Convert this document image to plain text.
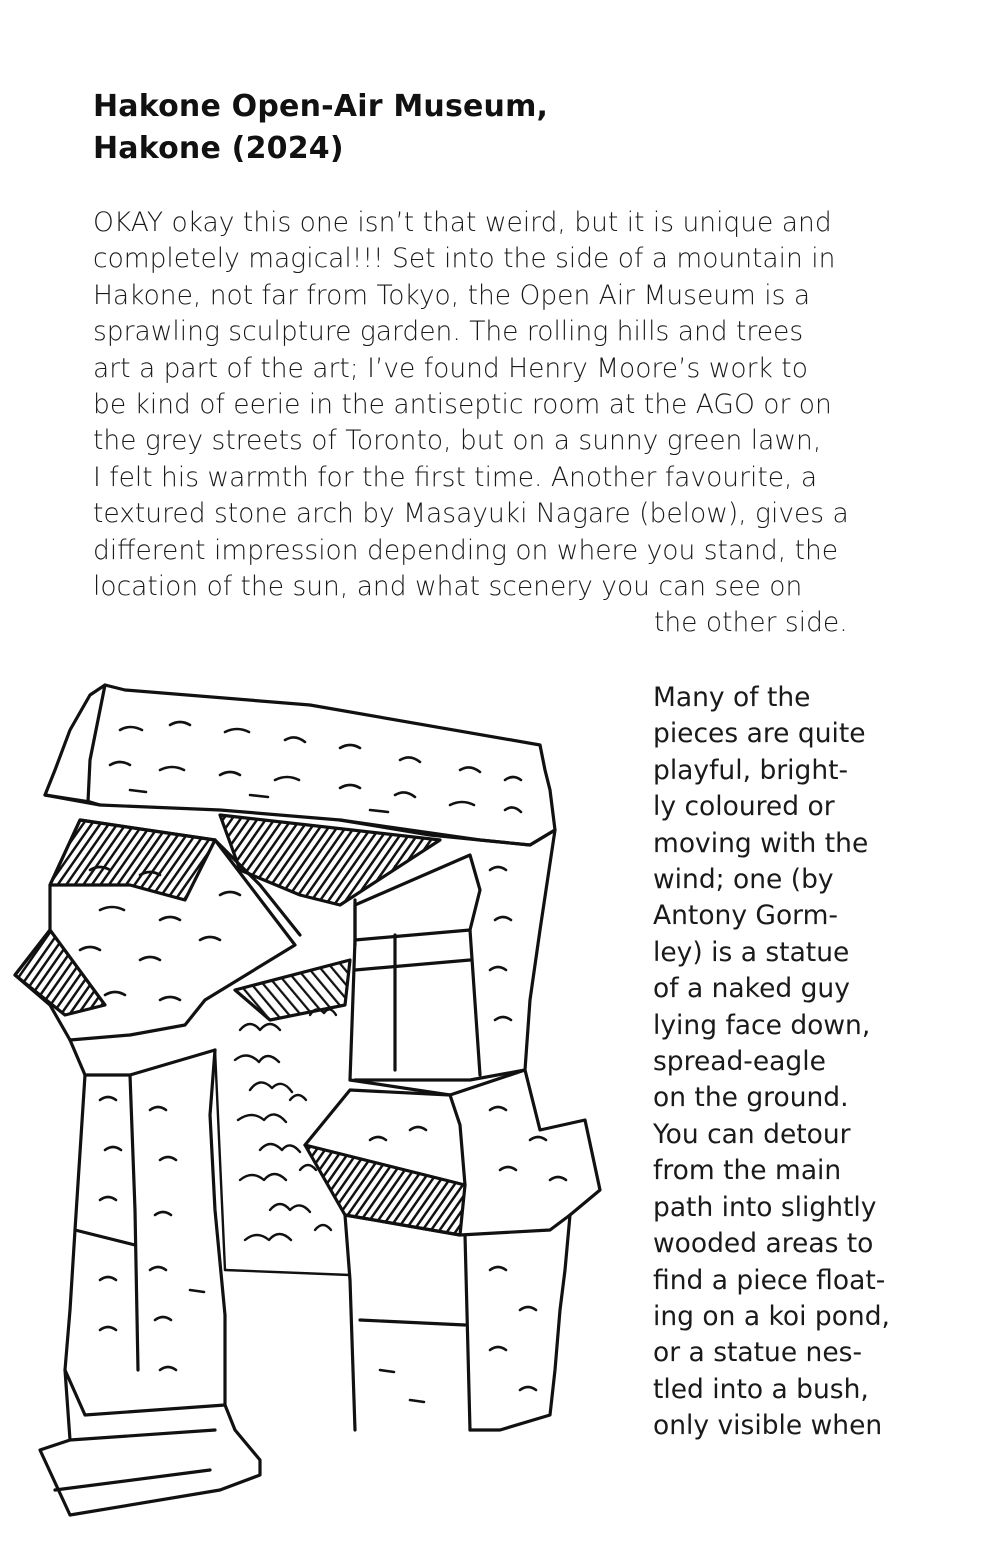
Hakone Open-Air Museum,
Hakone (2024)
OKAY okay this one isn’t that weird, but it is unique and
completely magical!!! Set into the side of a mountain in
Hakone, not far from Tokyo, the Open Air Museum is a
sprawling sculpture garden. The rolling hills and trees
art a part of the art; I’ve found Henry Moore’s work to
be kind of eerie in the antiseptic room at the AGO or on
the grey streets of Toronto, but on a sunny green lawn,
I felt his warmth for the first time. Another favourite, a
textured stone arch by Masayuki Nagare (below), gives a
different impression depending on where you stand, the
location of the sun, and what scenery you can see on
the other side.
Many of the
pieces are quite
playful, bright-
ly coloured or
moving with the
wind; one (by
Antony Gorm-
ley) is a statue
of a naked guy
lying face down,
spread-eagle
on the ground.
You can detour
from the main
path into slightly
wooded areas to
find a piece float-
ing on a koi pond,
or a statue nes-
tled into a bush,
only visible when
